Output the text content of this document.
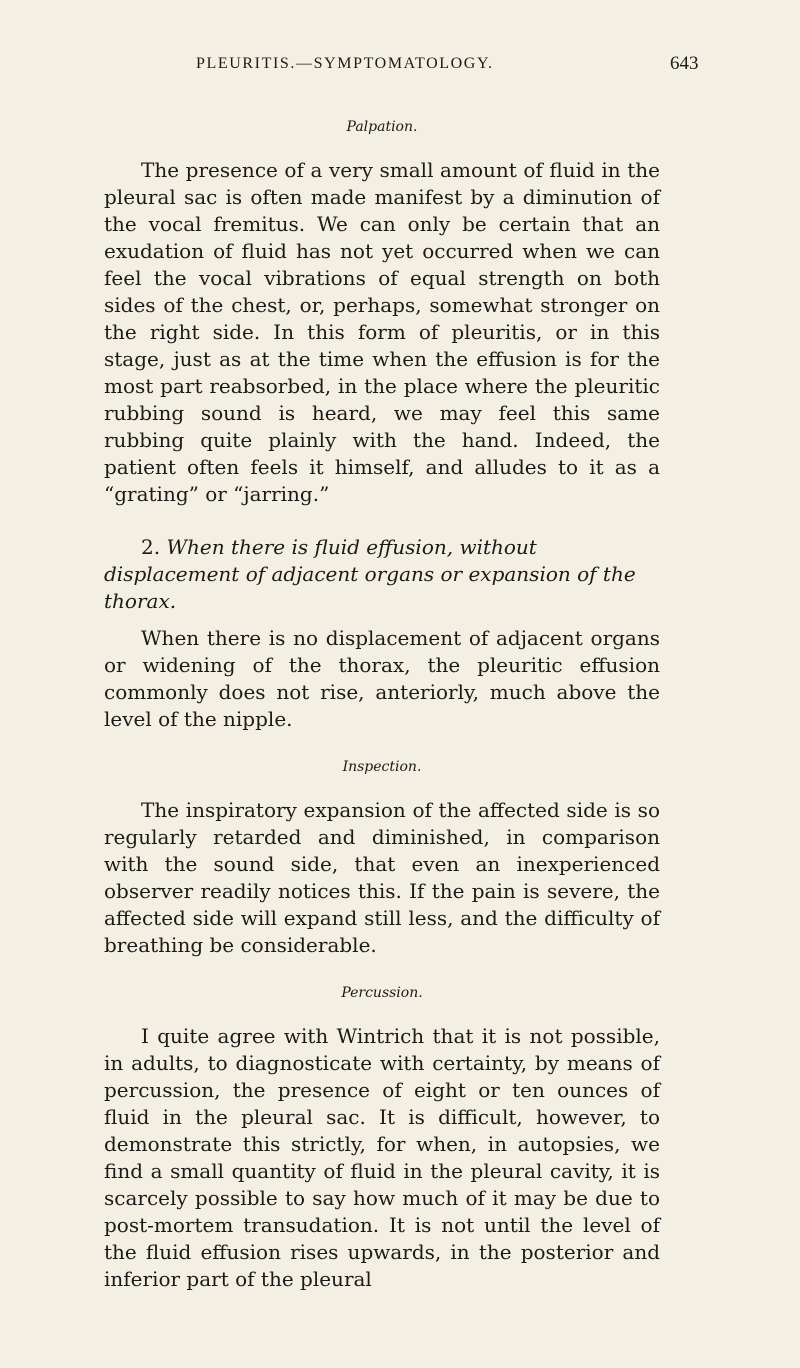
PLEURITIS.—SYMPTOMATOLOGY.	643
Palpation.

The presence of a very small amount of fluid in the pleural sac is often made manifest by a diminution of the vocal fremitus. We can only be certain that an exudation of fluid has not yet occurred when we can feel the vocal vibrations of equal strength on both sides of the chest, or, perhaps, somewhat stronger on the right side. In this form of pleuritis, or in this stage, just as at the time when the effusion is for the most part reabsorbed, in the place where the pleuritic rubbing sound is heard, we may feel this same rubbing quite plainly with the hand. Indeed, the patient often feels it himself, and alludes to it as a “grating” or “jarring.”

2. When there is fluid effusion, without displacement of adjacent organs or expansion of the thorax.

When there is no displacement of adjacent organs or widening of the thorax, the pleuritic effusion commonly does not rise, anteriorly, much above the level of the nipple.

Inspection.

The inspiratory expansion of the affected side is so regularly retarded and diminished, in comparison with the sound side, that even an inexperienced observer readily notices this. If the pain is severe, the affected side will expand still less, and the difficulty of breathing be considerable.

Percussion.

I quite agree with Wintrich that it is not possible, in adults, to diagnosticate with certainty, by means of percussion, the presence of eight or ten ounces of fluid in the pleural sac. It is difficult, however, to demonstrate this strictly, for when, in autopsies, we find a small quantity of fluid in the pleural cavity, it is scarcely possible to say how much of it may be due to post-mortem transudation. It is not until the level of the fluid effusion rises upwards, in the posterior and inferior part of the pleural
